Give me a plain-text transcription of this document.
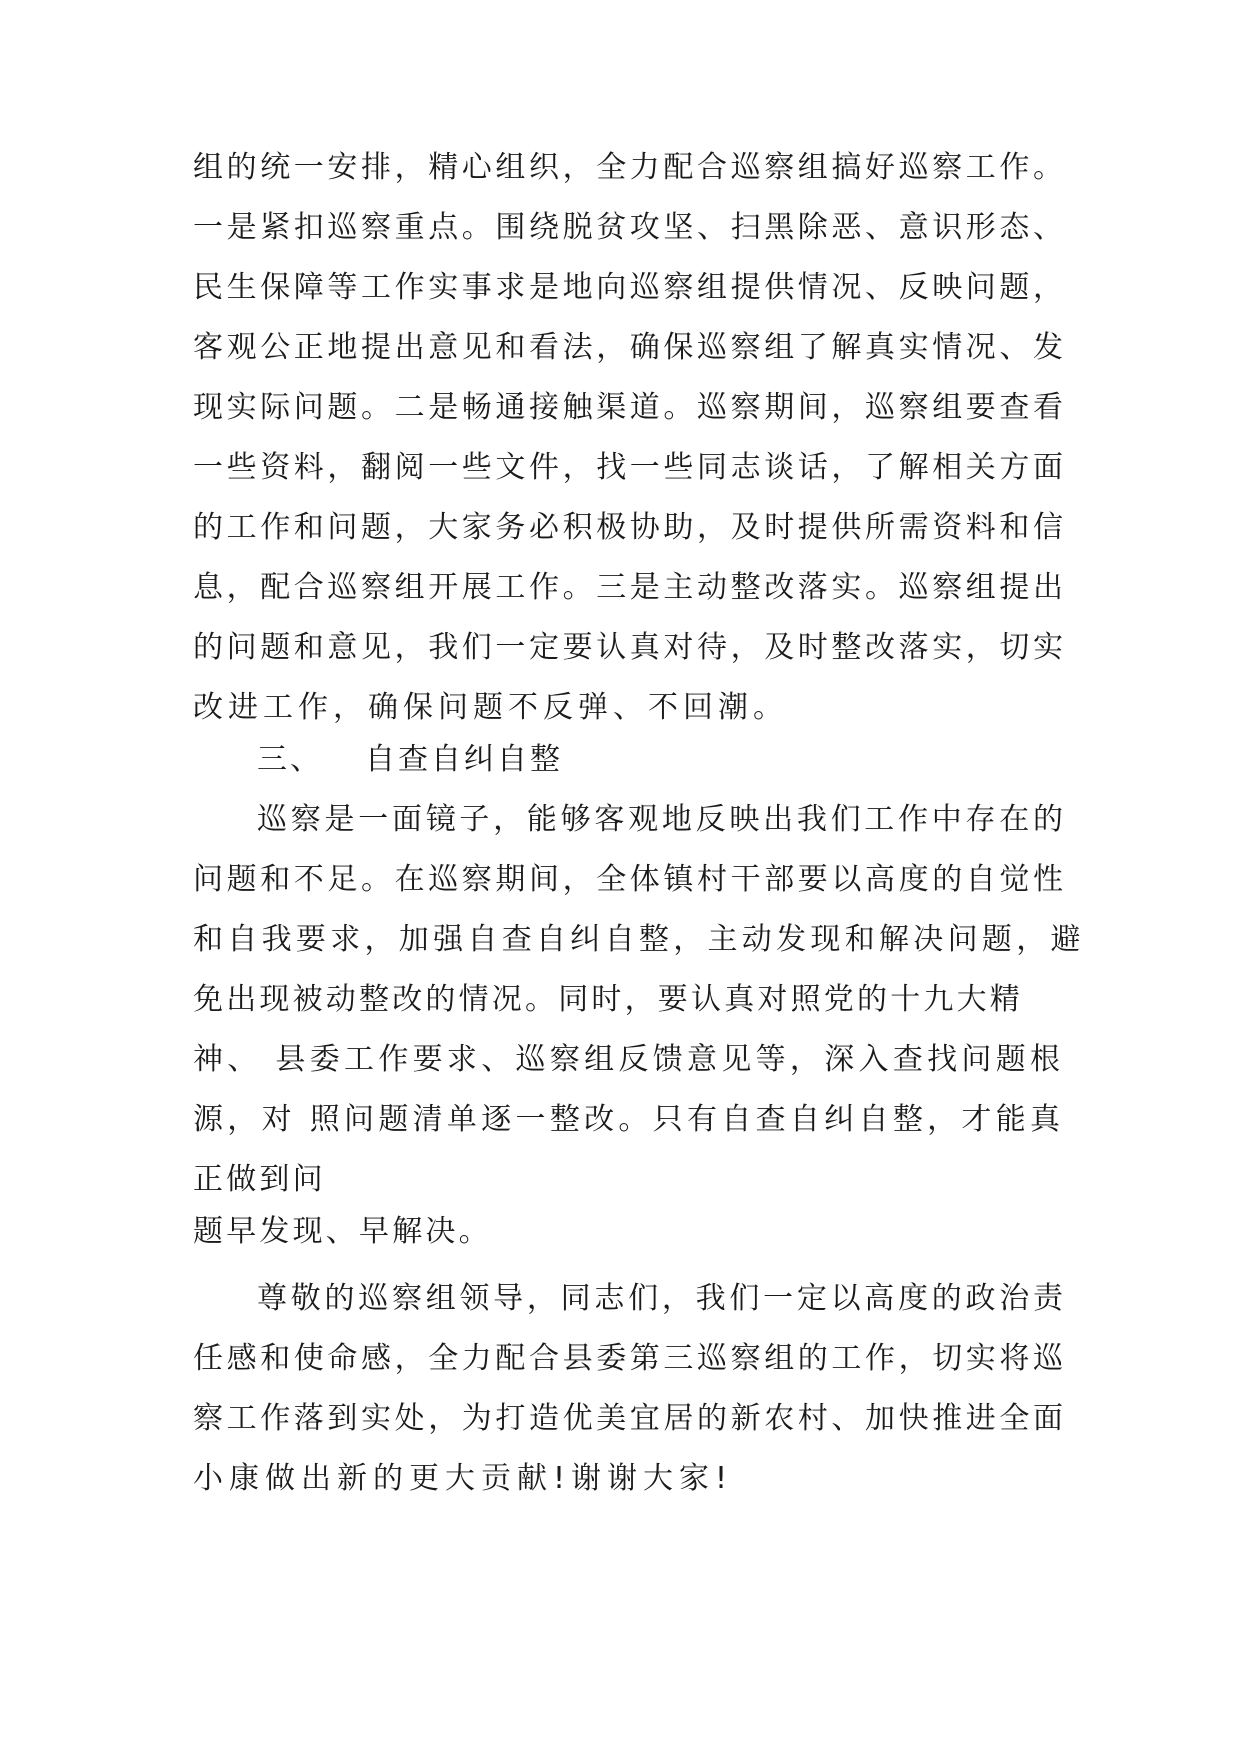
组的统一安排，精心组织，全力配合巡察组搞好巡察工作。
一是紧扣巡察重点。围绕脱贫攻坚、扫黑除恶、意识形态、
民生保障等工作实事求是地向巡察组提供情况、反映问题，
客观公正地提出意见和看法，确保巡察组了解真实情况、发
现实际问题。二是畅通接触渠道。巡察期间，巡察组要查看
一些资料，翻阅一些文件，找一些同志谈话，了解相关方面
的工作和问题，大家务必积极协助，及时提供所需资料和信
息，配合巡察组开展工作。三是主动整改落实。巡察组提出
的问题和意见，我们一定要认真对待，及时整改落实，切实
改进工作，确保问题不反弹、不回潮。
三、 自查自纠自整
巡察是一面镜子，能够客观地反映出我们工作中存在的
问题和不足。在巡察期间，全体镇村干部要以高度的自觉性
和自我要求，加强自查自纠自整，主动发现和解决问题，避
免出现被动整改的情况。同时，要认真对照党的十九大精
神、 县委工作要求、巡察组反馈意见等，深入查找问题根
源，对 照问题清单逐一整改。只有自查自纠自整，才能真
正做到问
题早发现、早解决。
尊敬的巡察组领导，同志们，我们一定以高度的政治责
任感和使命感，全力配合县委第三巡察组的工作，切实将巡
察工作落到实处，为打造优美宜居的新农村、加快推进全面
小康做出新的更大贡献!谢谢大家!
